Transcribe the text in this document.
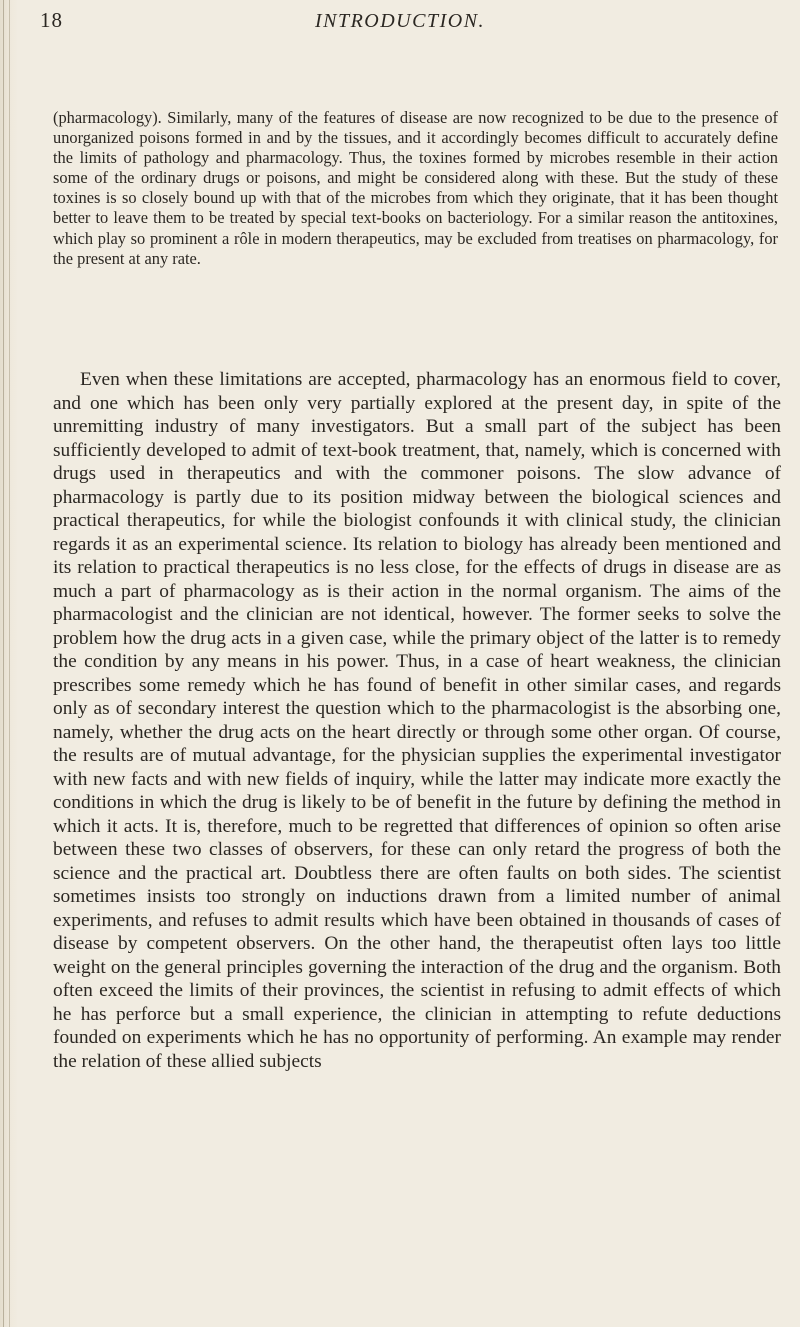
18	INTRODUCTION.

(pharmacology). Similarly, many of the features of disease are now recognized to be due to the presence of unorganized poisons formed in and by the tissues, and it accordingly becomes difficult to accurately define the limits of pathology and pharmacology. Thus, the toxines formed by microbes resemble in their action some of the ordinary drugs or poisons, and might be considered along with these. But the study of these toxines is so closely bound up with that of the microbes from which they originate, that it has been thought better to leave them to be treated by special text-books on bacteriology. For a similar reason the antitoxines, which play so prominent a rôle in modern therapeutics, may be excluded from treatises on pharmacology, for the present at any rate.

Even when these limitations are accepted, pharmacology has an enormous field to cover, and one which has been only very partially explored at the present day, in spite of the unremitting industry of many investigators. But a small part of the subject has been sufficiently developed to admit of text-book treatment, that, namely, which is concerned with drugs used in therapeutics and with the commoner poisons. The slow advance of pharmacology is partly due to its position midway between the biological sciences and practical therapeutics, for while the biologist confounds it with clinical study, the clinician regards it as an experimental science. Its relation to biology has already been mentioned and its relation to practical therapeutics is no less close, for the effects of drugs in disease are as much a part of pharmacology as is their action in the normal organism. The aims of the pharmacologist and the clinician are not identical, however. The former seeks to solve the problem how the drug acts in a given case, while the primary object of the latter is to remedy the condition by any means in his power. Thus, in a case of heart weakness, the clinician prescribes some remedy which he has found of benefit in other similar cases, and regards only as of secondary interest the question which to the pharmacologist is the absorbing one, namely, whether the drug acts on the heart directly or through some other organ. Of course, the results are of mutual advantage, for the physician supplies the experimental investigator with new facts and with new fields of inquiry, while the latter may indicate more exactly the conditions in which the drug is likely to be of benefit in the future by defining the method in which it acts. It is, therefore, much to be regretted that differences of opinion so often arise between these two classes of observers, for these can only retard the progress of both the science and the practical art. Doubtless there are often faults on both sides. The scientist sometimes insists too strongly on inductions drawn from a limited number of animal experiments, and refuses to admit results which have been obtained in thousands of cases of disease by competent observers. On the other hand, the therapeutist often lays too little weight on the general principles governing the interaction of the drug and the organism. Both often exceed the limits of their provinces, the scientist in refusing to admit effects of which he has perforce but a small experience, the clinician in attempting to refute deductions founded on experiments which he has no opportunity of performing. An example may render the relation of these allied subjects
